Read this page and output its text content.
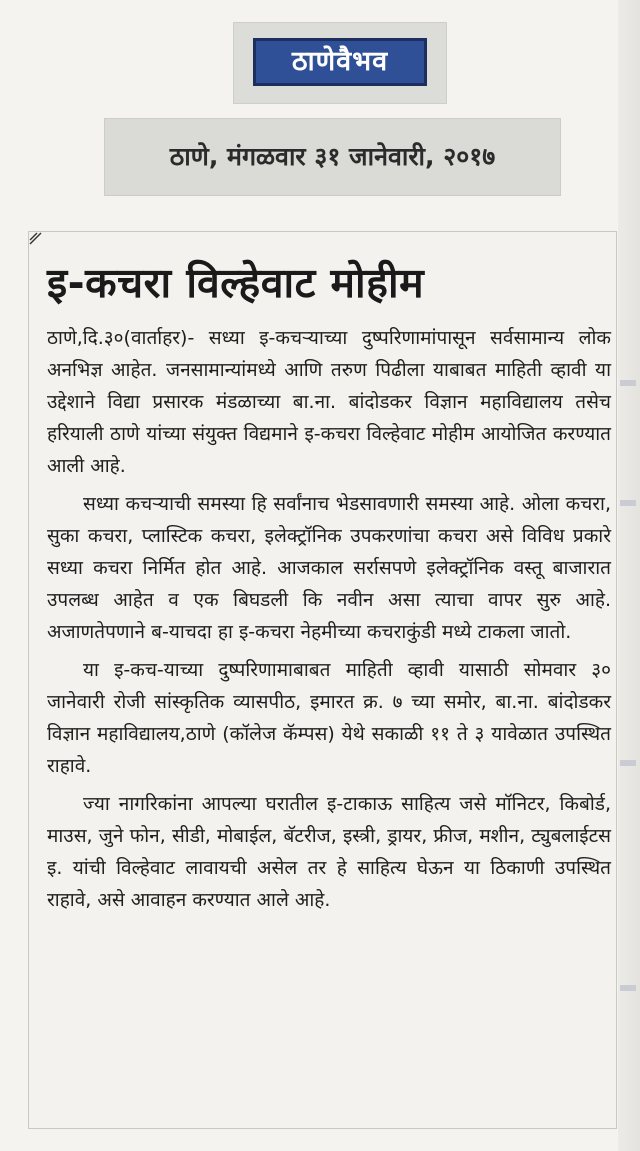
ठाणेवैभव
ठाणे, मंगळवार ३१ जानेवारी, २०१७
इ-कचरा विल्हेवाट मोहीम

ठाणे,दि.३०(वार्ताहर)- सध्या इ-कचऱ्याच्या दुष्परिणामांपासून सर्वसामान्य लोक अनभिज्ञ आहेत. जनसामान्यांमध्ये आणि तरुण पिढीला याबाबत माहिती व्हावी या उद्देशाने विद्या प्रसारक मंडळाच्या बा.ना. बांदोडकर विज्ञान महाविद्यालय तसेच हरियाली ठाणे यांच्या संयुक्त विद्यमाने इ-कचरा विल्हेवाट मोहीम आयोजित करण्यात आली आहे.

सध्या कचऱ्याची समस्या हि सर्वांनाच भेडसावणारी समस्या आहे. ओला कचरा, सुका कचरा, प्लास्टिक कचरा, इलेक्ट्रॉनिक उपकरणांचा कचरा असे विविध प्रकारे सध्या कचरा निर्मित होत आहे. आजकाल सर्रासपणे इलेक्ट्रॉनिक वस्तू बाजारात उपलब्ध आहेत व एक बिघडली कि नवीन असा त्याचा वापर सुरु आहे. अजाणतेपणाने ब-याचदा हा इ-कचरा नेहमीच्या कचराकुंडी मध्ये टाकला जातो.

या इ-कच-याच्या दुष्परिणामाबाबत माहिती व्हावी यासाठी सोमवार ३० जानेवारी रोजी सांस्कृतिक व्यासपीठ, इमारत क्र. ७ च्या समोर, बा.ना. बांदोडकर विज्ञान महाविद्यालय,ठाणे (कॉलेज कॅम्पस) येथे सकाळी ११ ते ३ यावेळात उपस्थित राहावे.

ज्या नागरिकांना आपल्या घरातील इ-टाकाऊ साहित्य जसे मॉनिटर, किबोर्ड, माउस, जुने फोन, सीडी, मोबाईल, बॅटरीज, इस्त्री, ड्रायर, फ्रीज, मशीन, ट्युबलाईटस इ. यांची विल्हेवाट लावायची असेल तर हे साहित्य घेऊन या ठिकाणी उपस्थित राहावे, असे आवाहन करण्यात आले आहे.
